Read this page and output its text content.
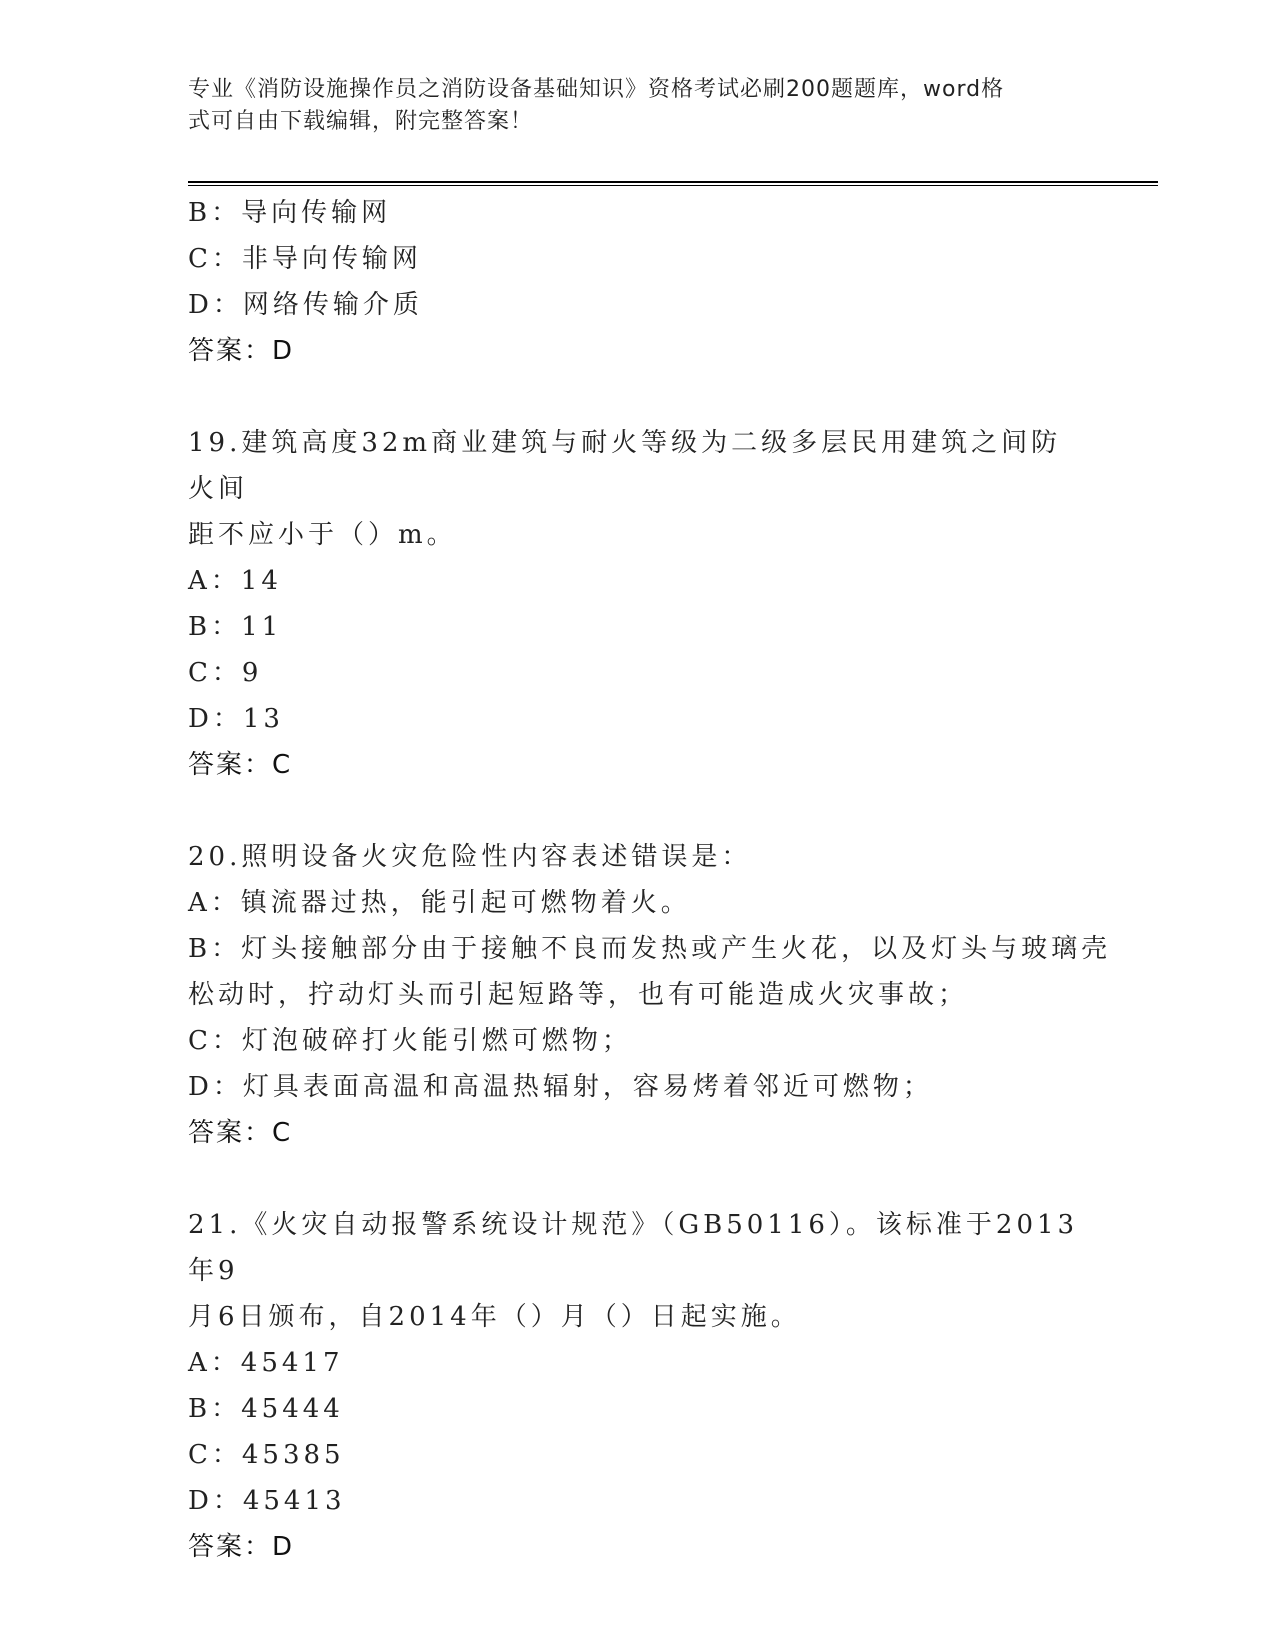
专业《消防设施操作员之消防设备基础知识》资格考试必刷200题题库，word格
式可自由下载编辑，附完整答案！
B：导向传输网
C：非导向传输网
D：网络传输介质
答案：D
19.建筑高度32m商业建筑与耐火等级为二级多层民用建筑之间防火间
距不应小于（）m。
A：14
B：11
C：9
D：13
答案：C
20.照明设备火灾危险性内容表述错误是：
A：镇流器过热，能引起可燃物着火。
B：灯头接触部分由于接触不良而发热或产生火花，以及灯头与玻璃壳
松动时，拧动灯头而引起短路等，也有可能造成火灾事故；
C：灯泡破碎打火能引燃可燃物；
D：灯具表面高温和高温热辐射，容易烤着邻近可燃物；
答案：C
21.《火灾自动报警系统设计规范》（GB50116）。该标准于2013年9
月6日颁布，自2014年（）月（）日起实施。
A：45417
B：45444
C：45385
D：45413
答案：D
